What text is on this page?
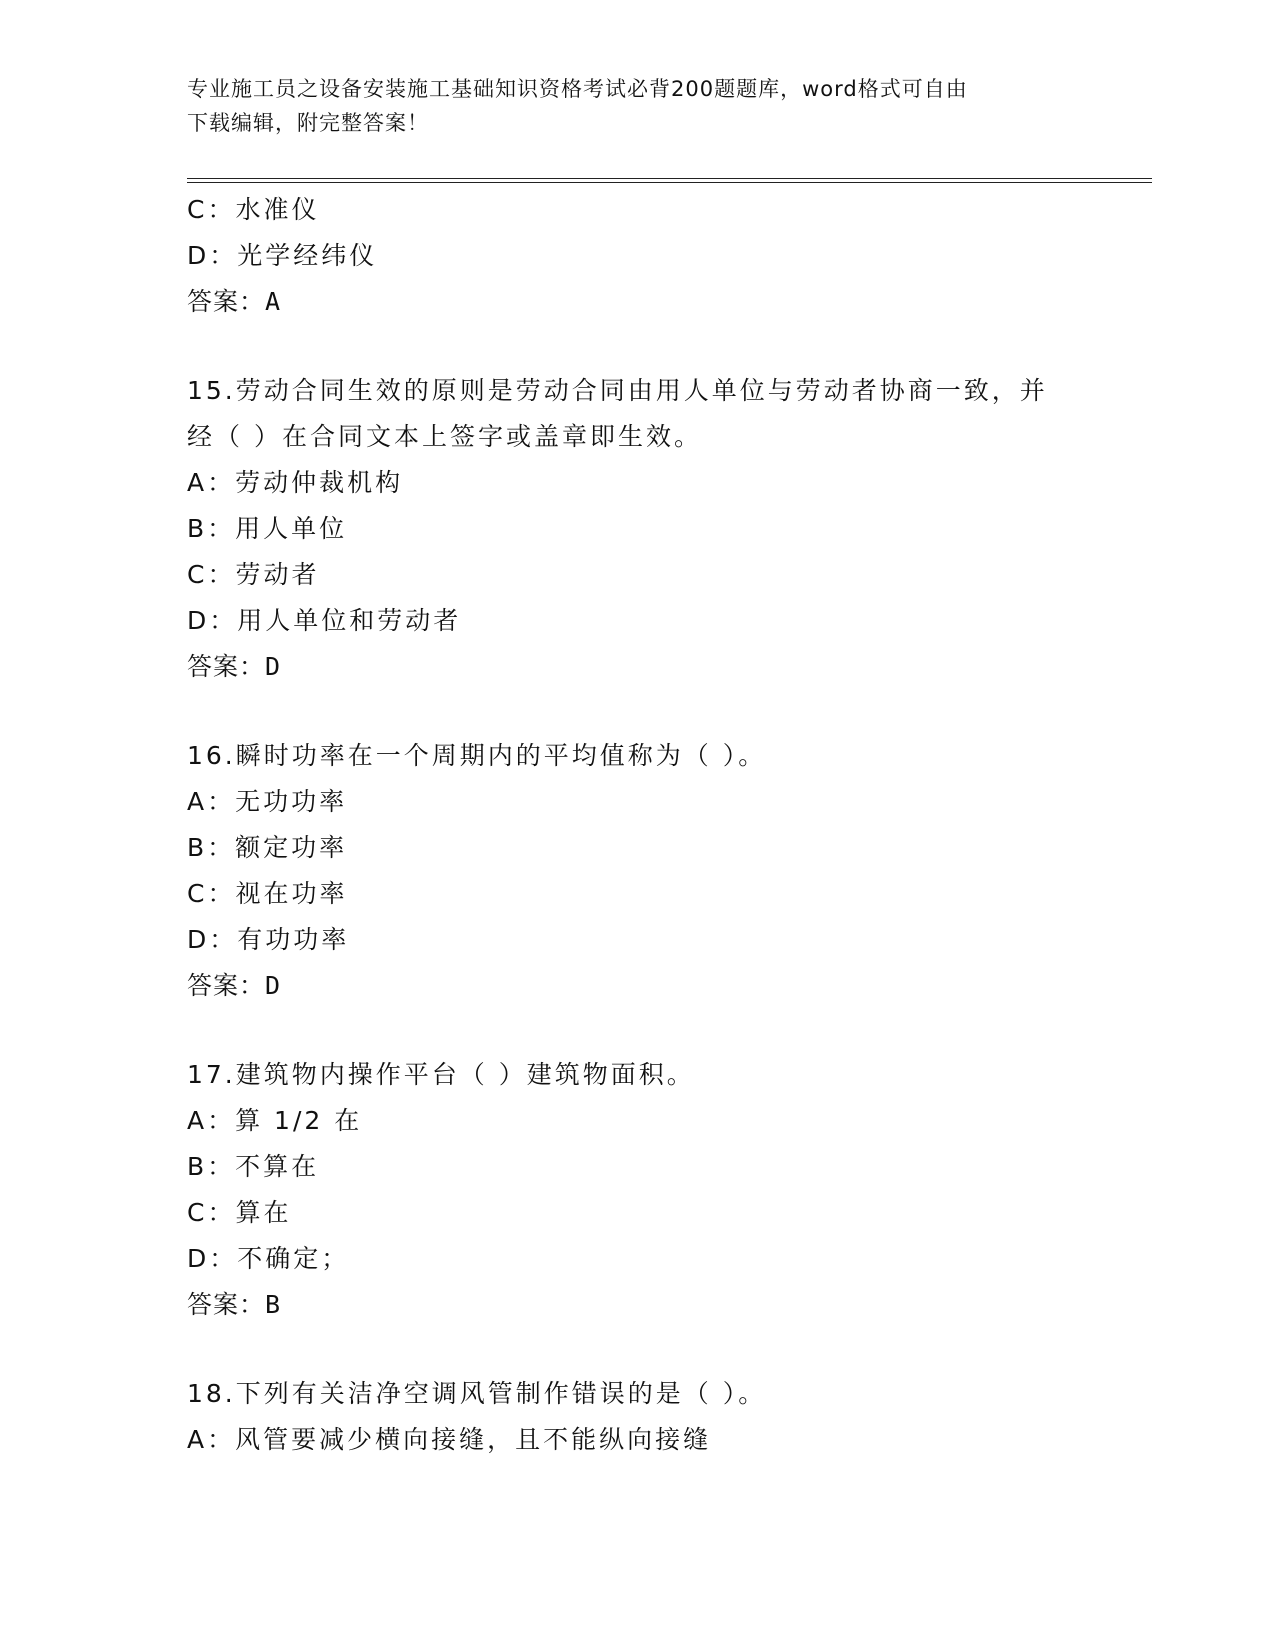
专业施工员之设备安装施工基础知识资格考试必背200题题库，word格式可自由
下载编辑，附完整答案！
C：水准仪
D：光学经纬仪
答案：A
15.劳动合同生效的原则是劳动合同由用人单位与劳动者协商一致，并
经（ ）在合同文本上签字或盖章即生效。
A：劳动仲裁机构
B：用人单位
C：劳动者
D：用人单位和劳动者
答案：D
16.瞬时功率在一个周期内的平均值称为（ ）。
A：无功功率
B：额定功率
C：视在功率
D：有功功率
答案：D
17.建筑物内操作平台（ ）建筑物面积。
A：算 1/2 在
B：不算在
C：算在
D：不确定；
答案：B
18.下列有关洁净空调风管制作错误的是（ ）。
A：风管要减少横向接缝，且不能纵向接缝
